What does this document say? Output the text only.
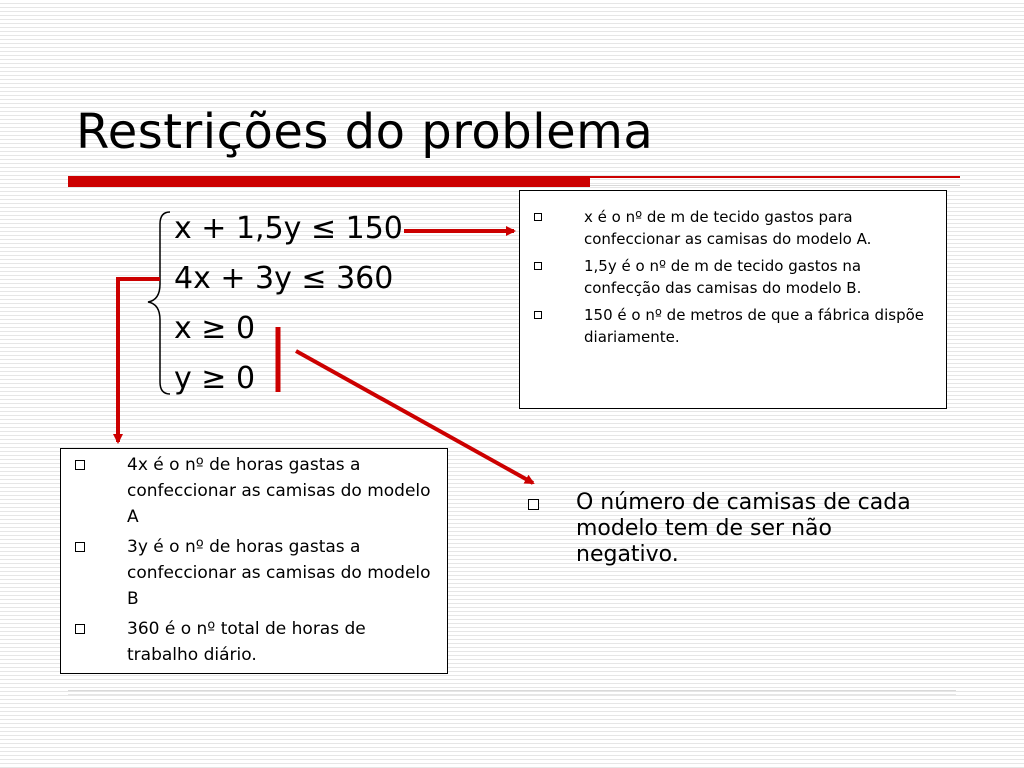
Restrições do problema
x + 1,5y ≤ 150
4x + 3y ≤ 360
x ≥ 0
y ≥ 0
x é o nº de m de tecido gastos para confeccionar as camisas do modelo A.
1,5y é o nº de m de tecido gastos na confecção das camisas do modelo B.
150 é o nº de metros de que a fábrica dispõe diariamente.
4x é o nº de horas gastas a confeccionar as camisas do modelo A
3y é o nº de horas gastas a confeccionar as camisas do modelo B
360 é o nº total de horas de trabalho diário.
O número de camisas de cada modelo tem de ser não negativo.
